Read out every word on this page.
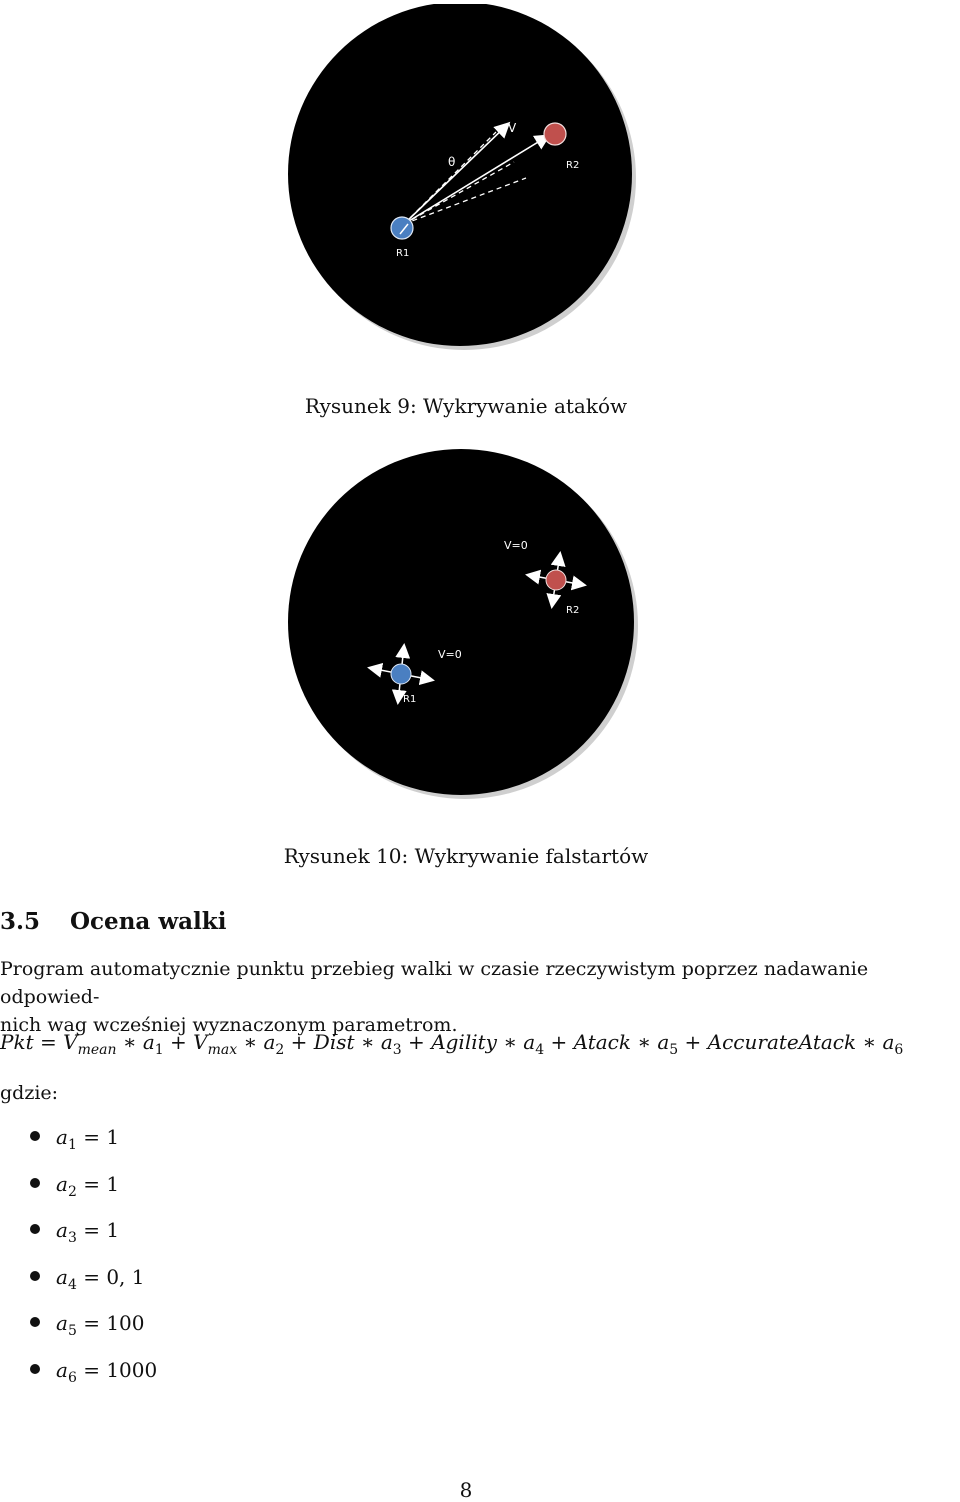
V
θ
R1
R2
Rysunek 9: Wykrywanie ataków
V=0
V=0
R2
R1
Rysunek 10: Wykrywanie falstartów
3.5 Ocena walki
Program automatycznie punktu przebieg walki w czasie rzeczywistym poprzez nadawanie odpowied-
nich wag wcześniej wyznaczonym parametrom.
Pkt = $V_{mean}$ ∗ $a_1 + V_{max}$ ∗ $a_2$ + Dist ∗ $a_3$ + Agility ∗ $a_4$ + Atack ∗ $a_5$ + AccurateAtack ∗ $a_6$
gdzie:
$a_1 = 1$
$a_2 = 1$
$a_3 = 1$
$a_4 = 0$, 1
$a_5 = 100$
$a_6 = 1000$
8
